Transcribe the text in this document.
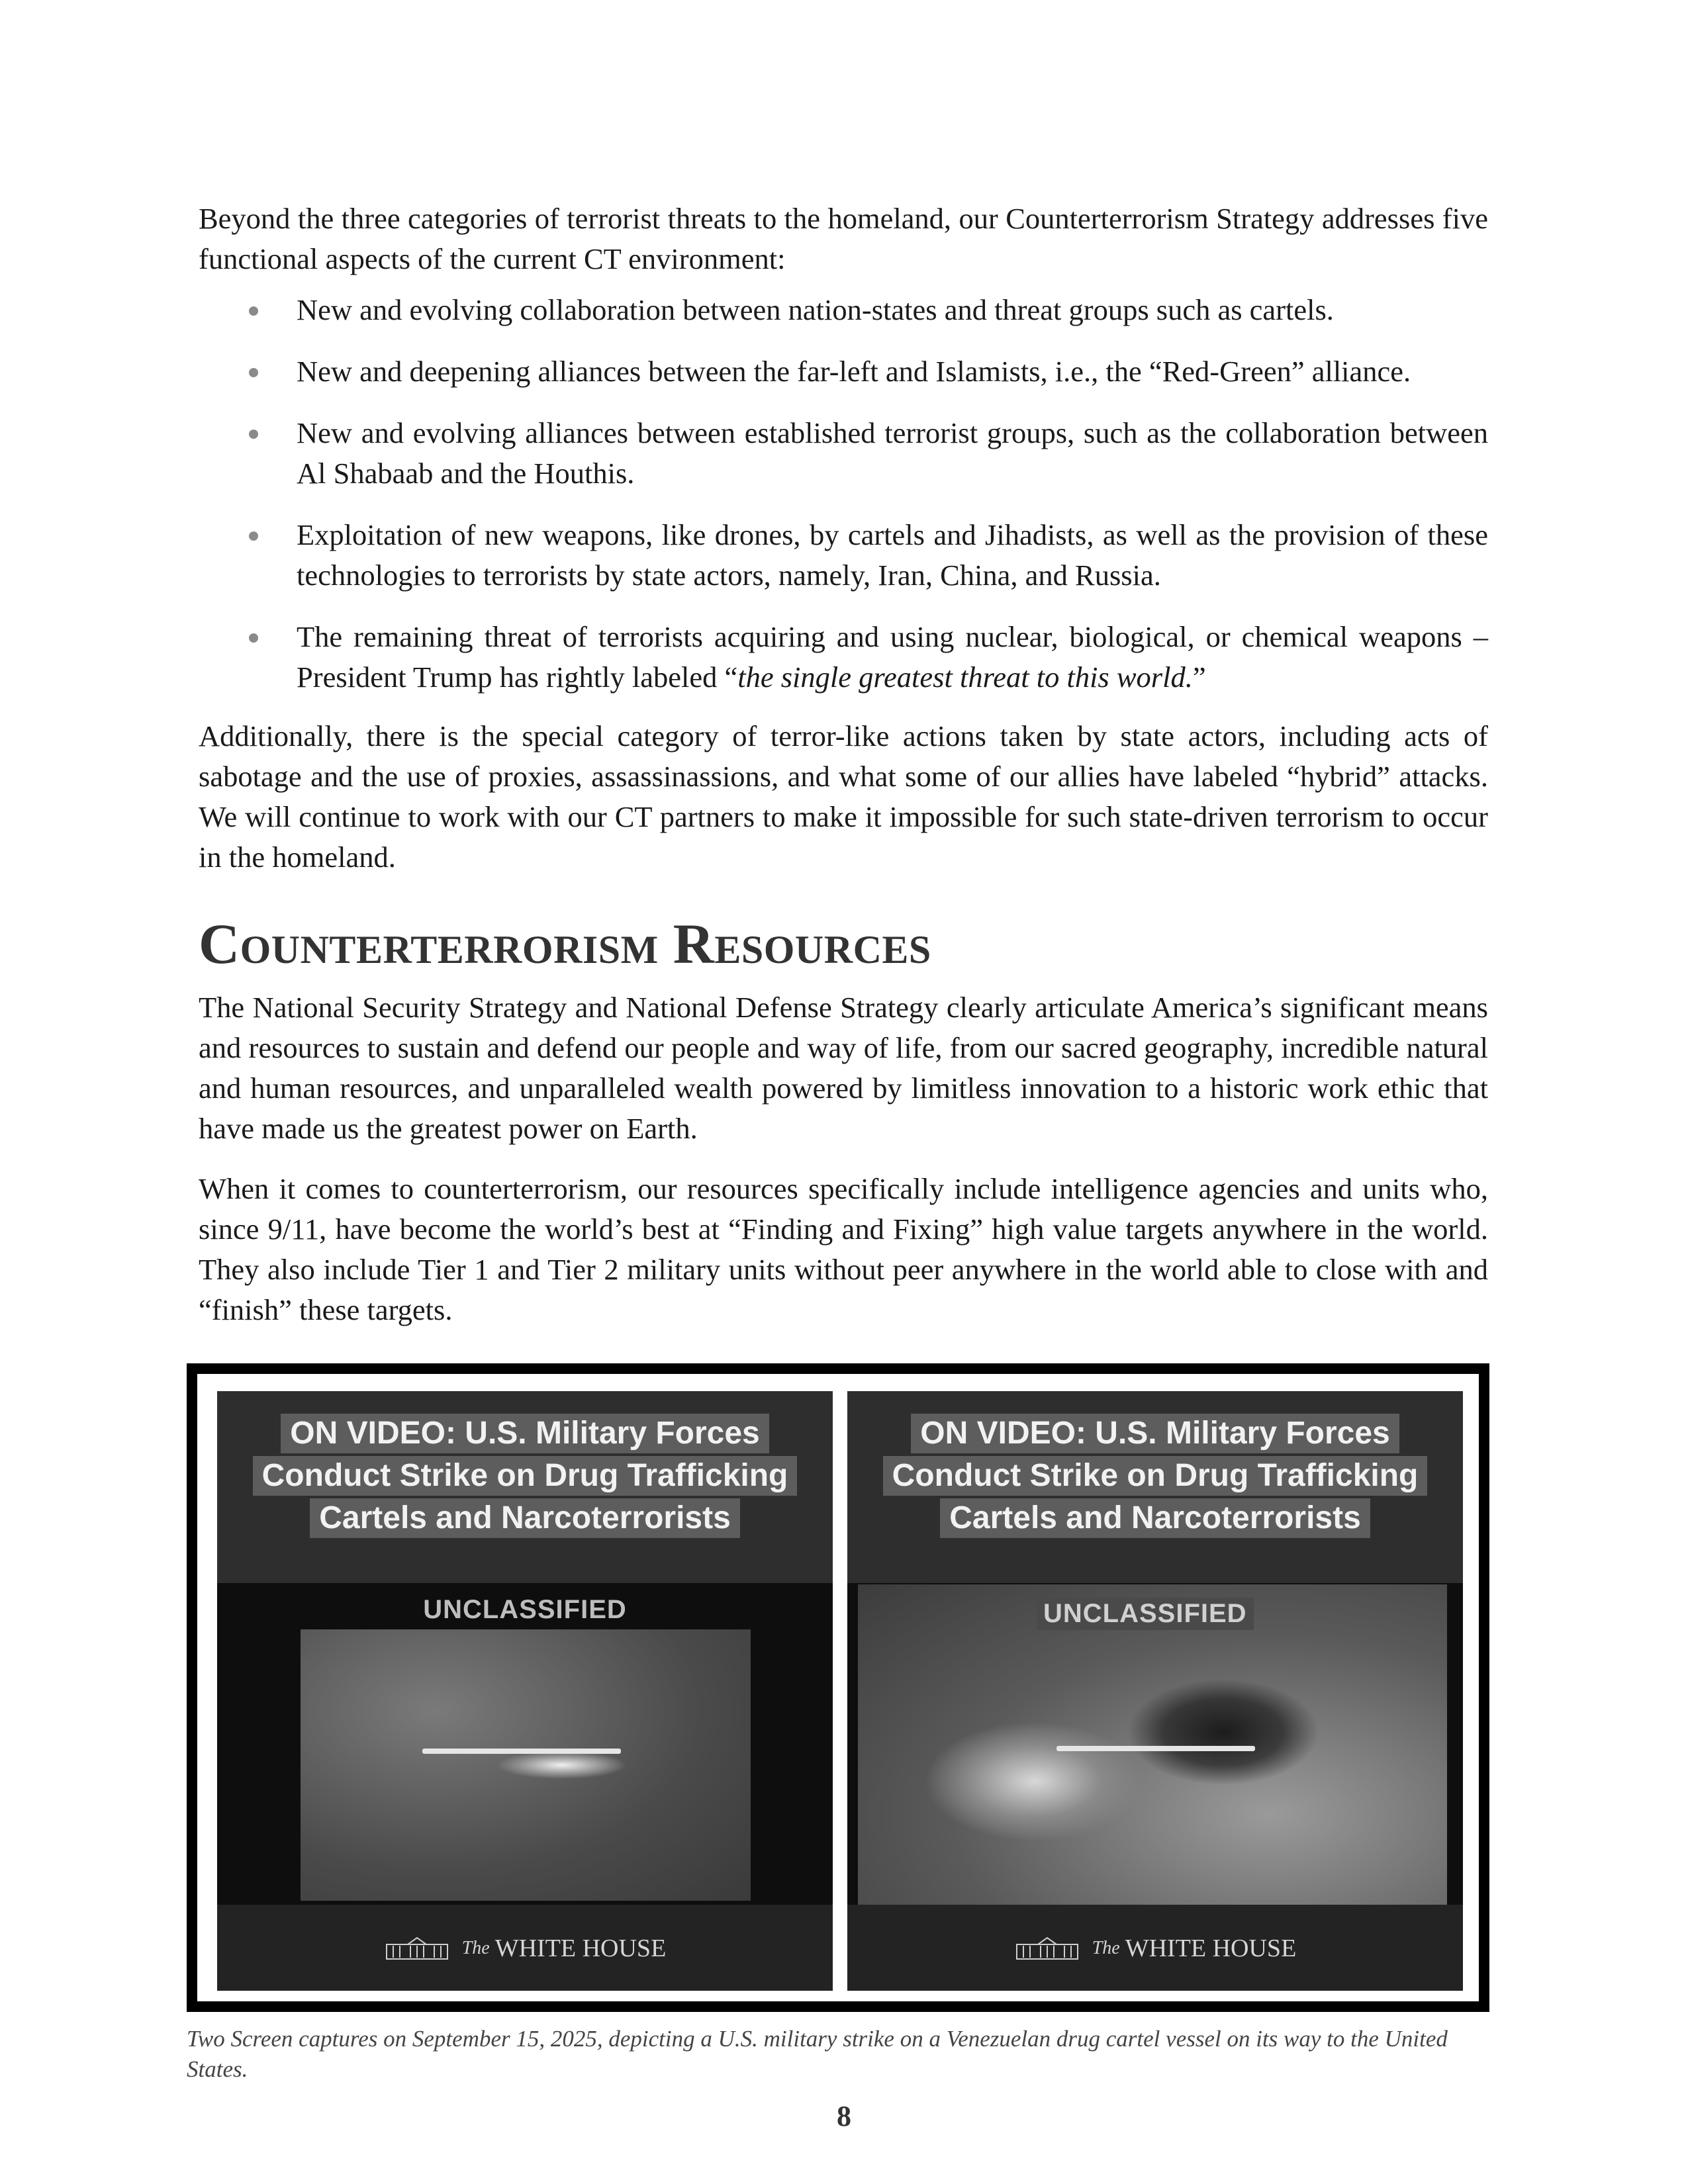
Beyond the three categories of terrorist threats to the homeland, our Counterterrorism Strategy addresses five functional aspects of the current CT environment:

New and evolving collaboration between nation-states and threat groups such as cartels.
New and deepening alliances between the far-left and Islamists, i.e., the “Red-Green” alliance.
New and evolving alliances between established terrorist groups, such as the collaboration between Al Shabaab and the Houthis.
Exploitation of new weapons, like drones, by cartels and Jihadists, as well as the provision of these technologies to terrorists by state actors, namely, Iran, China, and Russia.
The remaining threat of terrorists acquiring and using nuclear, biological, or chemical weapons – President Trump has rightly labeled “the single greatest threat to this world.”

Additionally, there is the special category of terror-like actions taken by state actors, including acts of sabotage and the use of proxies, assassinassions, and what some of our allies have labeled “hybrid” attacks. We will continue to work with our CT partners to make it impossible for such state-driven terrorism to occur in the homeland.

Counterterrorism Resources

The National Security Strategy and National Defense Strategy clearly articulate America’s significant means and resources to sustain and defend our people and way of life, from our sacred geography, incredible natural and human resources, and unparalleled wealth powered by limitless innovation to a historic work ethic that have made us the greatest power on Earth.

When it comes to counterterrorism, our resources specifically include intelligence agencies and units who, since 9/11, have become the world’s best at “Finding and Fixing” high value targets anywhere in the world. They also include Tier 1 and Tier 2 military units without peer anywhere in the world able to close with and “finish” these targets.

ON VIDEO: U.S. Military Forces
Conduct Strike on Drug Trafficking
Cartels and Narcoterrorists
UNCLASSIFIED
The WHITE HOUSE
ON VIDEO: U.S. Military Forces
Conduct Strike on Drug Trafficking
Cartels and Narcoterrorists
UNCLASSIFIED
The WHITE HOUSE
Two Screen captures on September 15, 2025, depicting a U.S. military strike on a Venezuelan drug cartel vessel on its way to the United States.
8
